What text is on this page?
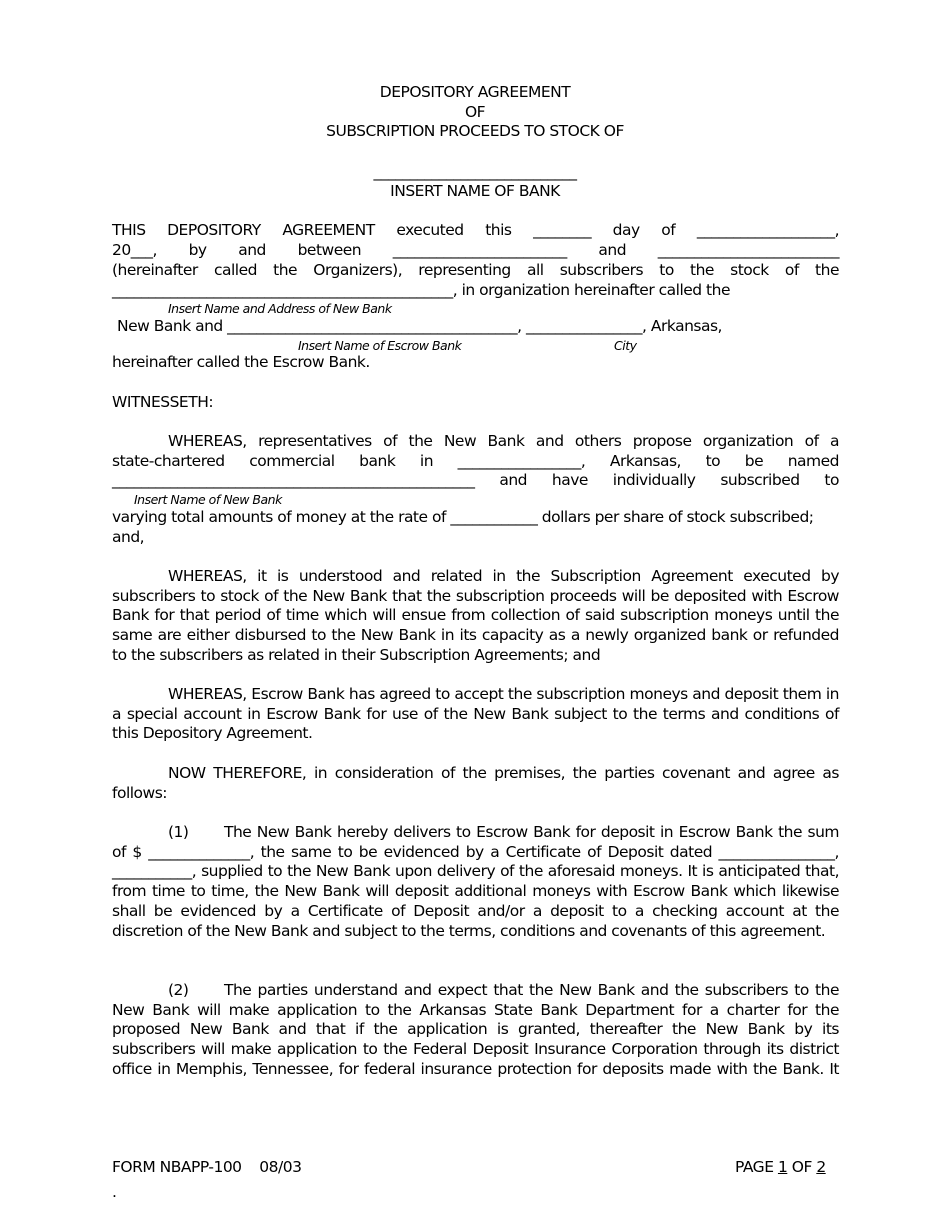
DEPOSITORY AGREEMENT
OF
SUBSCRIPTION PROCEEDS TO STOCK OF
____________________________
INSERT NAME OF BANK
THIS DEPOSITORY AGREEMENT executed this ________ day of ___________________,
20___, by and between ________________________ and _________________________
(hereinafter called the Organizers), representing all subscribers to the stock of the
_______________________________________________, in organization hereinafter called the
Insert Name and Address of New Bank
New Bank and ________________________________________, ________________, Arkansas,
Insert Name of Escrow Bank	City
hereinafter called the Escrow Bank.
WITNESSETH:
WHEREAS, representatives of the New Bank and others propose organization of a
state-chartered commercial bank in _________________, Arkansas, to be named
__________________________________________________ and have individually subscribed to
Insert Name of New Bank
varying total amounts of money at the rate of ____________ dollars per share of stock subscribed;
and,
WHEREAS, it is understood and related in the Subscription Agreement executed by subscribers to stock of the New Bank that the subscription proceeds will be deposited with Escrow Bank for that period of time which will ensue from collection of said subscription moneys until the same are either disbursed to the New Bank in its capacity as a newly organized bank or refunded to the subscribers as related in their Subscription Agreements; and
WHEREAS, Escrow Bank has agreed to accept the subscription moneys and deposit them in a special account in Escrow Bank for use of the New Bank subject to the terms and conditions of this Depository Agreement.
NOW THEREFORE, in consideration of the premises, the parties covenant and agree as follows:
(1)	The New Bank hereby delivers to Escrow Bank for deposit in Escrow Bank the sum of $ ______________, the same to be evidenced by a Certificate of Deposit dated ________________, ___________, supplied to the New Bank upon delivery of the aforesaid moneys. It is anticipated that, from time to time, the New Bank will deposit additional moneys with Escrow Bank which likewise shall be evidenced by a Certificate of Deposit and/or a deposit to a checking account at the discretion of the New Bank and subject to the terms, conditions and covenants of this agreement.
(2)	The parties understand and expect that the New Bank and the subscribers to the New Bank will make application to the Arkansas State Bank Department for a charter for the proposed New Bank and that if the application is granted, thereafter the New Bank by its subscribers will make application to the Federal Deposit Insurance Corporation through its district office in Memphis, Tennessee, for federal insurance protection for deposits made with the Bank. It
FORM NBAPP-100 08/03	PAGE 1 OF 2
.
